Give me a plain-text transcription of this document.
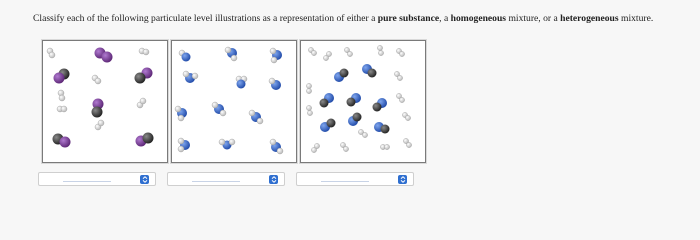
Classify each of the following particulate level illustrations as a representation of either a pure substance, a homogeneous mixture, or a heterogeneous mixture.
